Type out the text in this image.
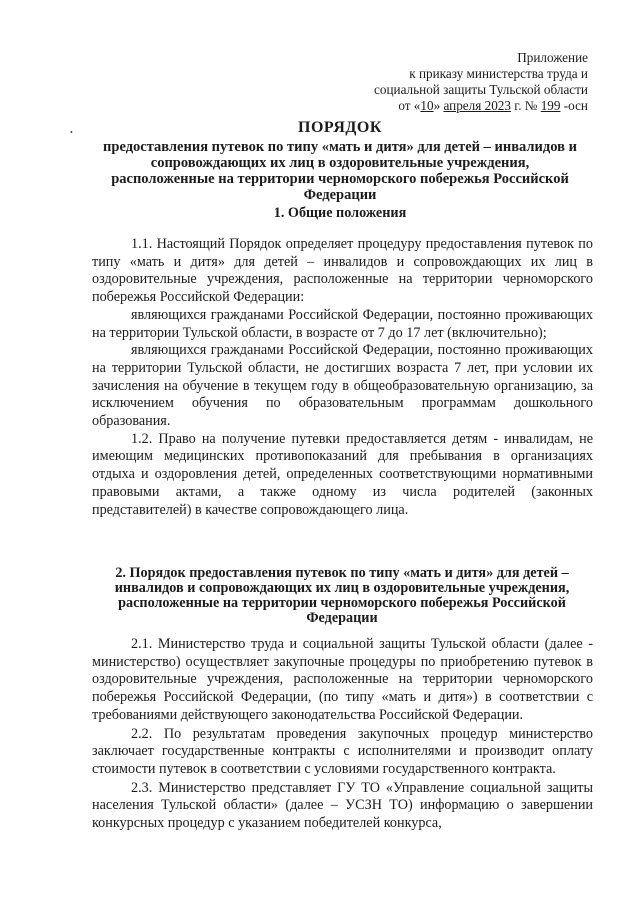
Приложение
к приказу министерства труда и
социальной защиты Тульской области
от «10» апреля 2023 г. № 199 -осн
•	ПОРЯДОК
предоставления путевок по типу «мать и дитя» для детей – инвалидов и сопровождающих их лиц в оздоровительные учреждения, расположенные на территории черноморского побережья Российской Федерации
1. Общие положения

1.1. Настоящий Порядок определяет процедуру предоставления путевок по типу «мать и дитя» для детей – инвалидов и сопровождающих их лиц в оздоровительные учреждения, расположенные на территории черноморского побережья Российской Федерации:

являющихся гражданами Российской Федерации, постоянно проживающих на территории Тульской области, в возрасте от 7 до 17 лет (включительно);

являющихся гражданами Российской Федерации, постоянно проживающих на территории Тульской области, не достигших возраста 7 лет, при условии их зачисления на обучение в текущем году в общеобразовательную организацию, за исключением обучения по образовательным программам дошкольного образования.

1.2. Право на получение путевки предоставляется детям - инвалидам, не имеющим медицинских противопоказаний для пребывания в организациях отдыха и оздоровления детей, определенных соответствующими нормативными правовыми актами, а также одному из числа родителей (законных представителей) в качестве сопровождающего лица.

2. Порядок предоставления путевок по типу «мать и дитя» для детей – инвалидов и сопровождающих их лиц в оздоровительные учреждения, расположенные на территории черноморского побережья Российской Федерации

2.1. Министерство труда и социальной защиты Тульской области (далее - министерство) осуществляет закупочные процедуры по приобретению путевок в оздоровительные учреждения, расположенные на территории черноморского побережья Российской Федерации, (по типу «мать и дитя») в соответствии с требованиями действующего законодательства Российской Федерации.

2.2. По результатам проведения закупочных процедур министерство заключает государственные контракты с исполнителями и производит оплату стоимости путевок в соответствии с условиями государственного контракта.

2.3. Министерство представляет ГУ ТО «Управление социальной защиты населения Тульской области» (далее – УСЗН ТО) информацию о завершении конкурсных процедур с указанием победителей конкурса,
